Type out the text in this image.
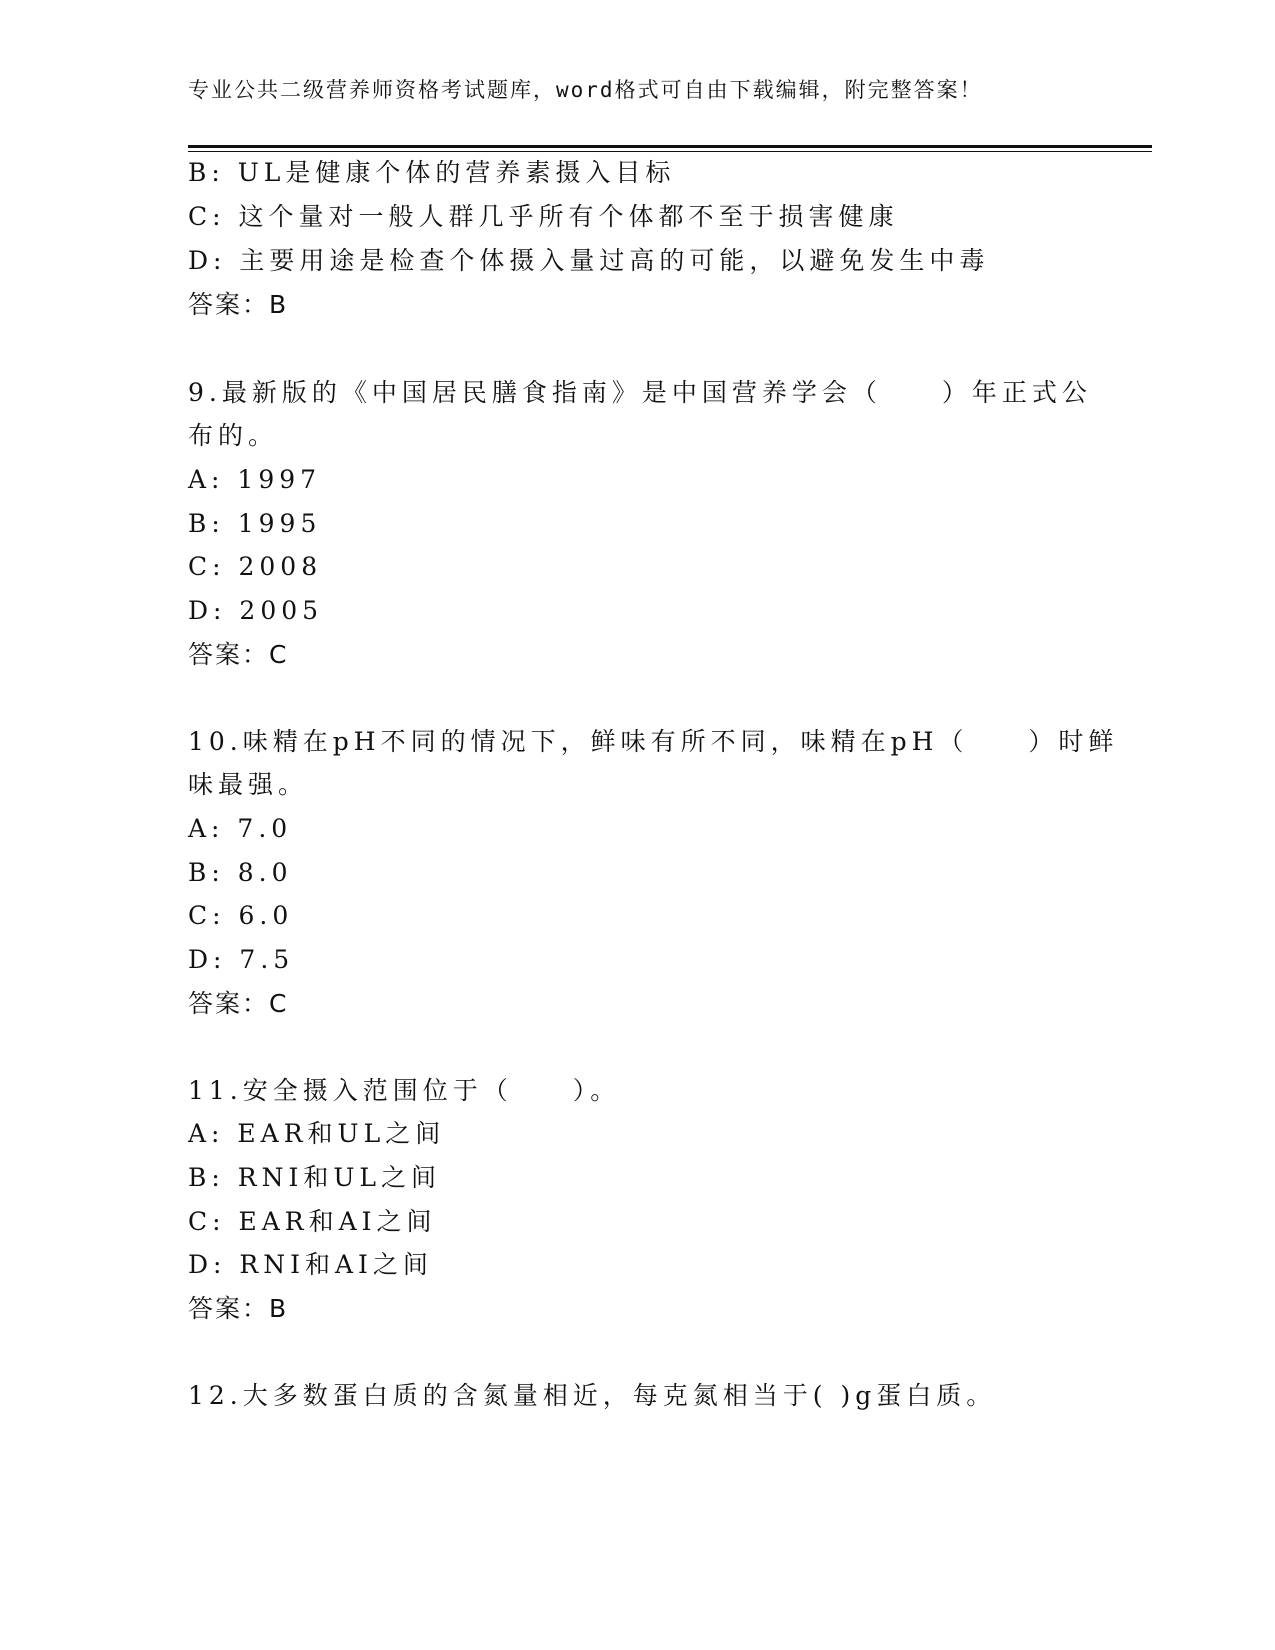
专业公共二级营养师资格考试题库，word格式可自由下载编辑，附完整答案！
B: UL是健康个体的营养素摄入目标
C: 这个量对一般人群几乎所有个体都不至于损害健康
D: 主要用途是检查个体摄入量过高的可能，以避免发生中毒
答案：B
9.最新版的《中国居民膳食指南》是中国营养学会（　　）年正式公
布的。
A: 1997
B: 1995
C: 2008
D: 2005
答案：C
10.味精在pH不同的情况下，鲜味有所不同，味精在pH（　　）时鲜
味最强。
A: 7.0
B: 8.0
C: 6.0
D: 7.5
答案：C
11.安全摄入范围位于（　　）。
A: EAR和UL之间
B: RNI和UL之间
C: EAR和AI之间
D: RNI和AI之间
答案：B
12.大多数蛋白质的含氮量相近，每克氮相当于( )g蛋白质。
